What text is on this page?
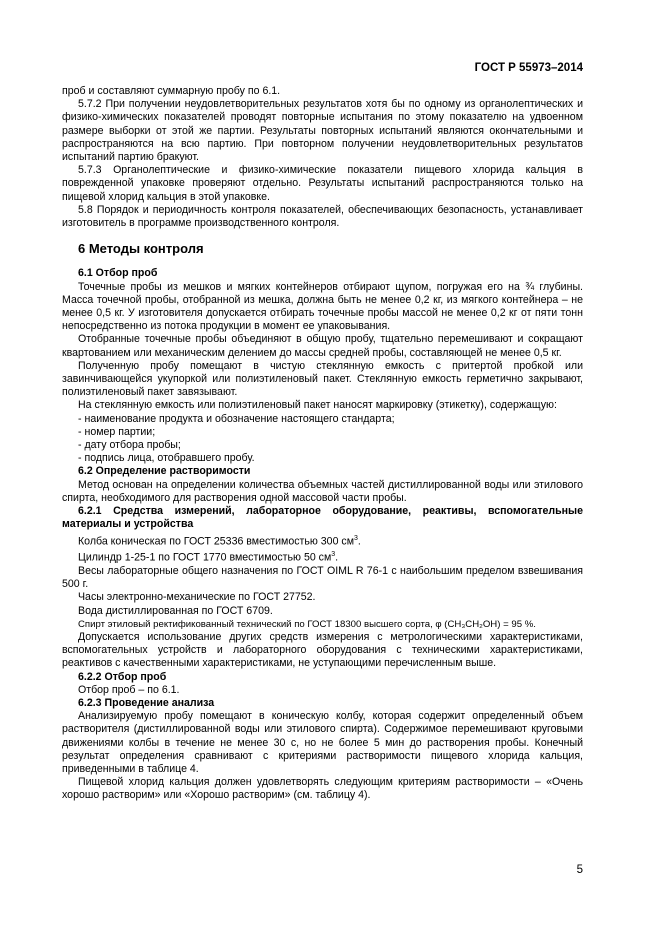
ГОСТ Р 55973–2014

проб и составляют суммарную пробу по 6.1.

5.7.2 При получении неудовлетворительных результатов хотя бы по одному из органолептических и физико-химических показателей проводят повторные испытания по этому показателю на удвоенном размере выборки от этой же партии. Результаты повторных испытаний являются окончательными и распространяются на всю партию. При повторном получении неудовлетворительных результатов испытаний партию бракуют.

5.7.3 Органолептические и физико-химические показатели пищевого хлорида кальция в поврежденной упаковке проверяют отдельно. Результаты испытаний распространяются только на пищевой хлорид кальция в этой упаковке.

5.8 Порядок и периодичность контроля показателей, обеспечивающих безопасность, устанавливает изготовитель в программе производственного контроля.

6 Методы контроля

6.1 Отбор проб

Точечные пробы из мешков и мягких контейнеров отбирают щупом, погружая его на ¾ глубины. Масса точечной пробы, отобранной из мешка, должна быть не менее 0,2 кг, из мягкого контейнера – не менее 0,5 кг. У изготовителя допускается отбирать точечные пробы массой не менее 0,2 кг от пяти тонн непосредственно из потока продукции в момент ее упаковывания.

Отобранные точечные пробы объединяют в общую пробу, тщательно перемешивают и сокращают квартованием или механическим делением до массы средней пробы, составляющей не менее 0,5 кг.

Полученную пробу помещают в чистую стеклянную емкость с притертой пробкой или завинчивающейся укупоркой или полиэтиленовый пакет. Стеклянную емкость герметично закрывают, полиэтиленовый пакет завязывают.

На стеклянную емкость или полиэтиленовый пакет наносят маркировку (этикетку), содержащую:

- наименование продукта и обозначение настоящего стандарта;

- номер партии;

- дату отбора пробы;

- подпись лица, отобравшего пробу.

6.2 Определение растворимости

Метод основан на определении количества объемных частей дистиллированной воды или этилового спирта, необходимого для растворения одной массовой части пробы.

6.2.1 Средства измерений, лабораторное оборудование, реактивы, вспомогательные материалы и устройства

Колба коническая по ГОСТ 25336 вместимостью 300 $см^3$.

Цилиндр 1-25-1 по ГОСТ 1770 вместимостью 50 $см^3$.

Весы лабораторные общего назначения по ГОСТ OIML R 76-1 с наибольшим пределом взвешивания 500 г.

Часы электронно-механические по ГОСТ 27752.

Вода дистиллированная по ГОСТ 6709.

Спирт этиловый ректификованный технический по ГОСТ 18300 высшего сорта, φ (CH₃CH₂OH) = 95 %.

Допускается использование других средств измерения с метрологическими характеристиками, вспомогательных устройств и лабораторного оборудования с техническими характеристиками, реактивов с качественными характеристиками, не уступающими перечисленным выше.

6.2.2 Отбор проб

Отбор проб – по 6.1.

6.2.3 Проведение анализа

Анализируемую пробу помещают в коническую колбу, которая содержит определенный объем растворителя (дистиллированной воды или этилового спирта). Содержимое перемешивают круговыми движениями колбы в течение не менее 30 с, но не более 5 мин до растворения пробы. Конечный результат определения сравнивают с критериями растворимости пищевого хлорида кальция, приведенными в таблице 4.

Пищевой хлорид кальция должен удовлетворять следующим критериям растворимости – «Очень хорошо растворим» или «Хорошо растворим» (см. таблицу 4).

5
